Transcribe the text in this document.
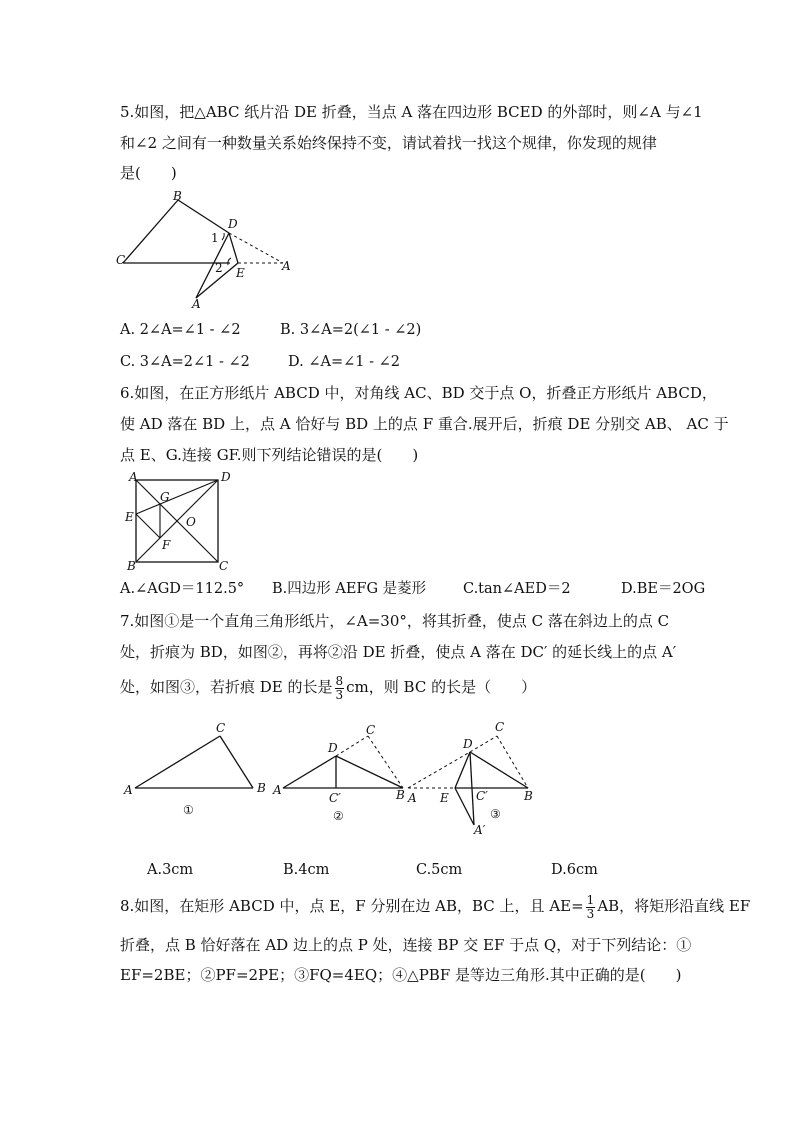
5.如图，把△ABC 纸片沿 DE 折叠，当点 A 落在四边形 BCED 的外部时，则∠A 与∠1
和∠2 之间有一种数量关系始终保持不变，请试着找一找这个规律，你发现的规律
是(　　)
B
C
D
E	A
A
1
2
A. 2∠A=∠1 - ∠2	B. 3∠A=2(∠1 - ∠2)
C. 3∠A=2∠1 - ∠2	D. ∠A=∠1 - ∠2
6.如图，在正方形纸片 ABCD 中，对角线 AC、BD 交于点 O，折叠正方形纸片 ABCD，
使 AD 落在 BD 上，点 A 恰好与 BD 上的点 F 重合.展开后，折痕 DE 分别交 AB、 AC 于
点 E、G.连接 GF.则下列结论错误的是(　　)
A	D
G
E	O
F
B	C
A.∠AGD＝112.5° B.四边形 AEFG 是菱形	C.tan∠AED＝2	D.BE＝2OG
7.如图①是一个直角三角形纸片，∠A=30°，将其折叠，使点 C 落在斜边上的点 C
处，折痕为 BD，如图②，再将②沿 DE 折叠，使点 A 落在 DC′ 的延长线上的点 A′
处，如图③，若折痕 DE 的长是 $\frac{8}{3}$ cm，则 BC 的长是（　　）
C
A	B
①
C
D
A
C′	B
②
C
D
A E C′	B
A′
③
A.3cm	B.4cm	C.5cm	D.6cm
8.如图，在矩形 ABCD 中，点 E，F 分别在边 AB，BC 上，且 $AE= \frac{1}{3}$ AB，将矩形沿直线 EF
折叠，点 B 恰好落在 AD 边上的点 P 处，连接 BP 交 EF 于点 Q，对于下列结论：①
EF=2BE；②PF=2PE；③FQ=4EQ；④△PBF 是等边三角形.其中正确的是(　　)
